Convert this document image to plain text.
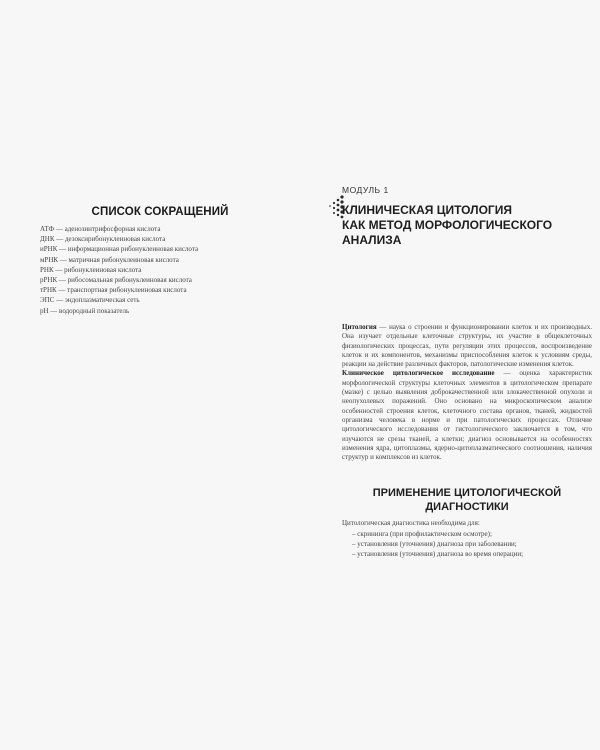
СПИСОК СОКРАЩЕНИЙ
АТФ — аденозинтрифосфорная кислота
ДНК — дезоксирибонуклеиновая кислота
иРНК — информационная рибонуклеиновая кислота
мРНК — матричная рибонуклеиновая кислота
РНК — рибонуклеиновая кислота
рРНК — рибосомальная рибонуклеиновая кислота
тРНК — транспортная рибонуклеиновая кислота
ЭПС — эндоплазматическая сеть
pH — водородный показатель
МОДУЛЬ 1
КЛИНИЧЕСКАЯ ЦИТОЛОГИЯ
КАК МЕТОД МОРФОЛОГИЧЕСКОГО
АНАЛИЗА

Цитология — наука о строении и функционировании клеток и их производных. Она изучает отдельные клеточные структуры, их участие в общеклеточных физиологических процессах, пути регуляции этих процессов, воспроизведение клеток и их компонентов, механизмы приспособления клеток к условиям среды, реакции на действие различных факторов, патологические изменения клеток.

Клиническое цитологическое исследование — оценка характеристик морфологической структуры клеточных элементов в цитологическом препарате (мазке) с целью выявления доброкачественной или злокачественной опухоли и неопухолевых поражений. Оно основано на микроскопическом анализе особенностей строения клеток, клеточного состава органов, тканей, жидкостей организма человека в норме и при патологических процессах. Отличие цитологического исследования от гистологического заключается в том, что изучаются не срезы тканей, а клетки; диагноз основывается на особенностях изменения ядра, цитоплазмы, ядерно-цитоплазматического соотношения, наличия структур и комплексов из клеток.

ПРИМЕНЕНИЕ ЦИТОЛОГИЧЕСКОЙ
ДИАГНОСТИКИ

Цитологическая диагностика необходима для:

– скрининга (при профилактическом осмотре);
– установления (уточнения) диагноза при заболевании;
– установления (уточнения) диагноза во время операции;
